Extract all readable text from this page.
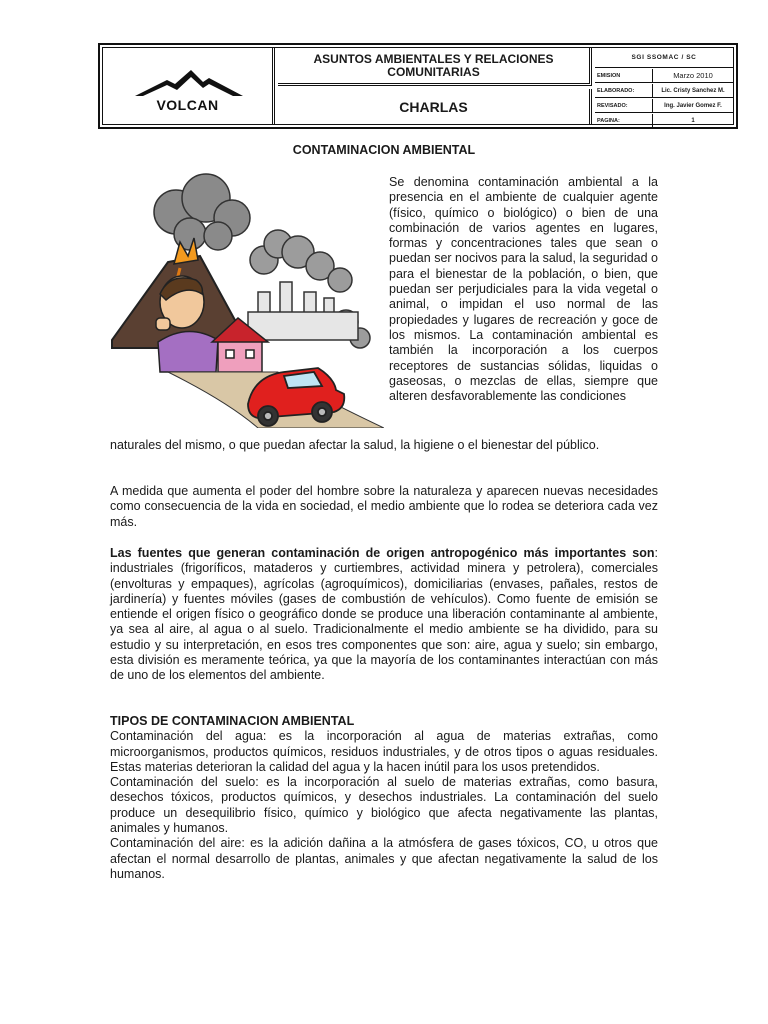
VOLCAN
ASUNTOS AMBIENTALES Y RELACIONES COMUNITARIAS
CHARLAS
SGI SSOMAC / SC
EMISION	Marzo 2010
ELABORADO:	Lic. Cristy Sanchez M.
REVISADO:	Ing. Javier Gomez F.
PAGINA:	1
CONTAMINACION AMBIENTAL
Se denomina contaminación ambiental a la presencia en el ambiente de cualquier agente (físico, químico o biológico) o bien de una combinación de varios agentes en lugares, formas y concentraciones tales que sean o puedan ser nocivos para la salud, la seguridad o para el bienestar de la población, o bien, que puedan ser perjudiciales para la vida vegetal o animal, o impidan el uso normal de las propiedades y lugares de recreación y goce de los mismos. La contaminación ambiental es también la incorporación a los cuerpos receptores de sustancias sólidas, liquidas o gaseosas, o mezclas de ellas, siempre que alteren desfavorablemente las condiciones
naturales del mismo, o que puedan afectar la salud, la higiene o el bienestar del público.
A medida que aumenta el poder del hombre sobre la naturaleza y aparecen nuevas necesidades como consecuencia de la vida en sociedad, el medio ambiente que lo rodea se deteriora cada vez más.
Las fuentes que generan contaminación de origen antropogénico más importantes son: industriales (frigoríficos, mataderos y curtiembres, actividad minera y petrolera), comerciales (envolturas y empaques), agrícolas (agroquímicos), domiciliarias (envases, pañales, restos de jardinería) y fuentes móviles (gases de combustión de vehículos). Como fuente de emisión se entiende el origen físico o geográfico donde se produce una liberación contaminante al ambiente, ya sea al aire, al agua o al suelo. Tradicionalmente el medio ambiente se ha dividido, para su estudio y su interpretación, en esos tres componentes que son: aire, agua y suelo; sin embargo, esta división es meramente teórica, ya que la mayoría de los contaminantes interactúan con más de uno de los elementos del ambiente.
TIPOS DE CONTAMINACION AMBIENTAL
Contaminación del agua: es la incorporación al agua de materias extrañas, como microorganismos, productos químicos, residuos industriales, y de otros tipos o aguas residuales. Estas materias deterioran la calidad del agua y la hacen inútil para los usos pretendidos.
Contaminación del suelo: es la incorporación al suelo de materias extrañas, como basura, desechos tóxicos, productos químicos, y desechos industriales. La contaminación del suelo produce un desequilibrio físico, químico y biológico que afecta negativamente las plantas, animales y humanos.
Contaminación del aire: es la adición dañina a la atmósfera de gases tóxicos, CO, u otros que afectan el normal desarrollo de plantas, animales y que afectan negativamente la salud de los humanos.
